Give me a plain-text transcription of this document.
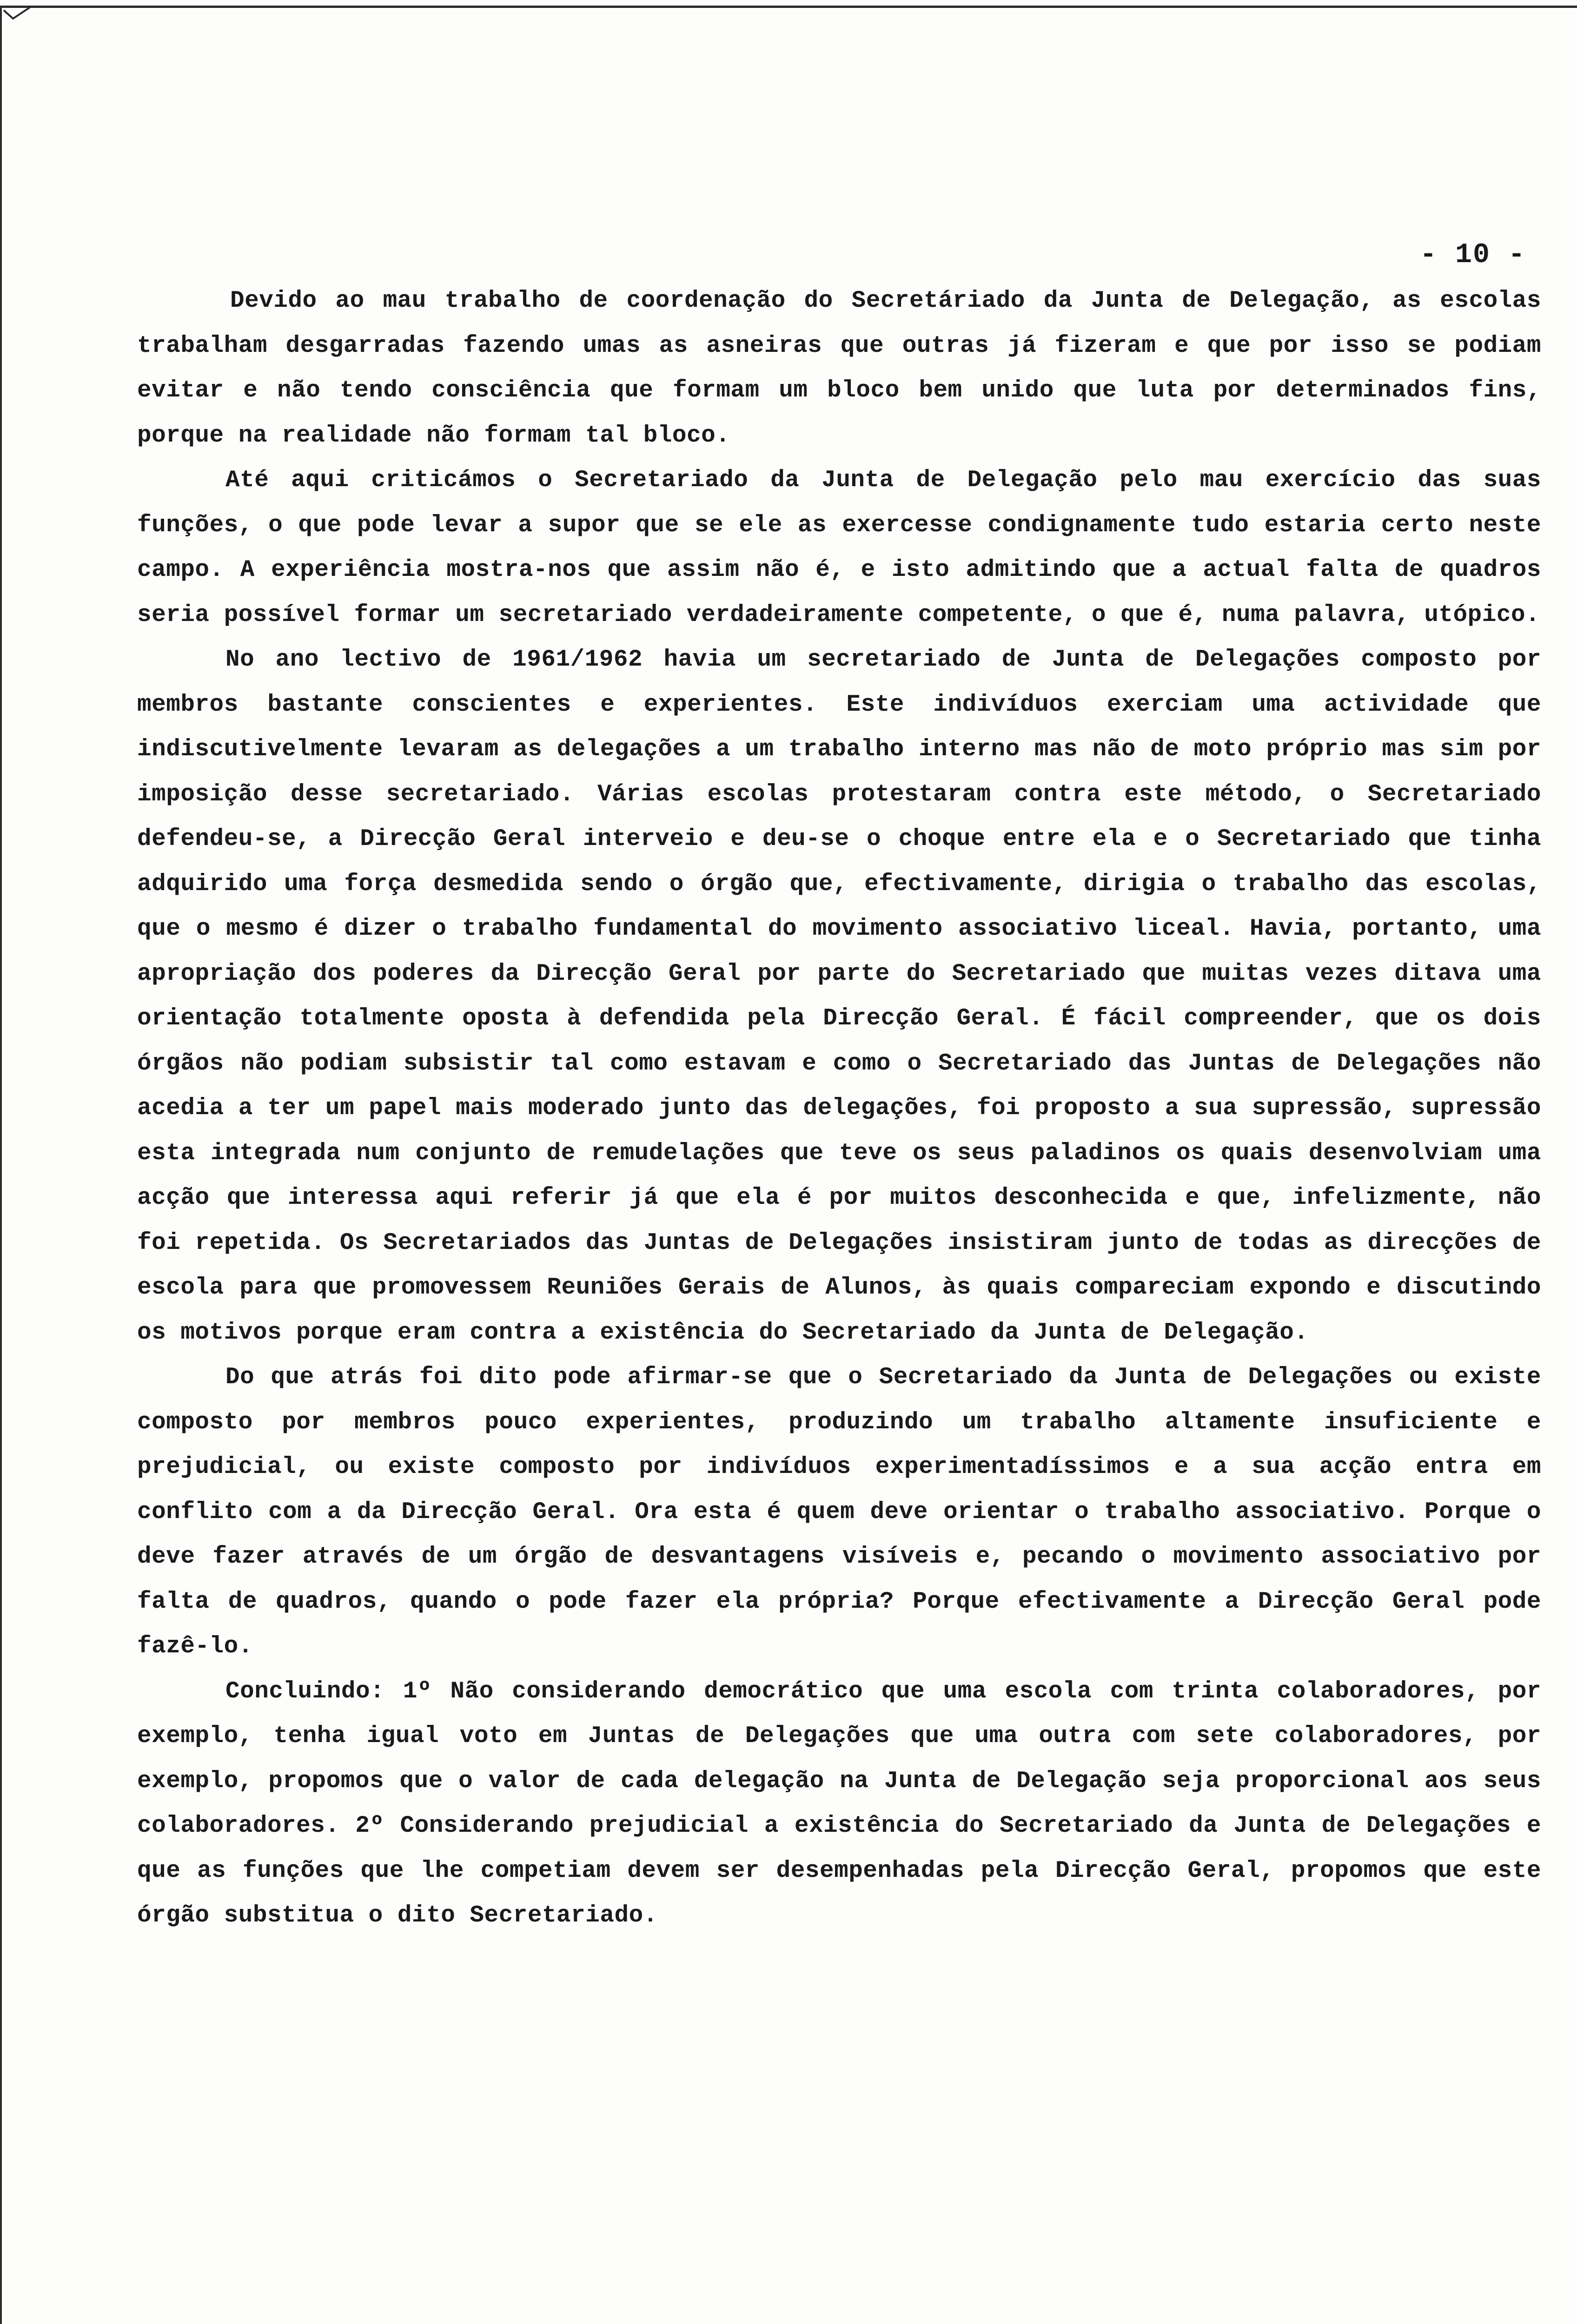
- 10 -

Devido ao mau trabalho de coordenação do Secretáriado da Junta de Delegação, as escolas trabalham desgarradas fazendo umas as asneiras que outras já fizeram e que por isso se podiam evitar e não tendo consciência que formam um bloco bem unido que luta por determinados fins, porque na realidade não formam tal bloco.

Até aqui criticámos o Secretariado da Junta de Delegação pelo mau exercício das suas funções, o que pode levar a supor que se ele as exercesse condignamente tudo estaria certo neste campo. A experiência mostra-nos que assim não é, e isto admitindo que a actual falta de quadros seria possível formar um secretariado verdadeiramente competente, o que é, numa palavra, utópico.

No ano lectivo de 1961/1962 havia um secretariado de Junta de Delegações composto por membros bastante conscientes e experientes. Este indivíduos exerciam uma actividade que indiscutivelmente levaram as delegações a um trabalho interno mas não de moto próprio mas sim por imposição desse secretariado. Várias escolas protestaram contra este método, o Secretariado defendeu-se, a Direcção Geral interveio e deu-se o choque entre ela e o Secretariado que tinha adquirido uma força desmedida sendo o órgão que, efectivamente, dirigia o trabalho das escolas, que o mesmo é dizer o trabalho fundamental do movimento associativo liceal. Havia, portanto, uma apropriação dos poderes da Direcção Geral por parte do Secretariado que muitas vezes ditava uma orientação totalmente oposta à defendida pela Direcção Geral. É fácil compreender, que os dois órgãos não podiam subsistir tal como estavam e como o Secretariado das Juntas de Delegações não acedia a ter um papel mais moderado junto das delegações, foi proposto a sua supressão, supressão esta integrada num conjunto de remudelações que teve os seus paladinos os quais desenvolviam uma acção que interessa aqui referir já que ela é por muitos desconhecida e que, infelizmente, não foi repetida. Os Secretariados das Juntas de Delegações insistiram junto de todas as direcções de escola para que promovessem Reuniões Gerais de Alunos, às quais compareciam expondo e discutindo os motivos porque eram contra a existência do Secretariado da Junta de Delegação.

Do que atrás foi dito pode afirmar-se que o Secretariado da Junta de Delegações ou existe composto por membros pouco experientes, produzindo um trabalho altamente insuficiente e prejudicial, ou existe composto por indivíduos experimentadíssimos e a sua acção entra em conflito com a da Direcção Geral. Ora esta é quem deve orientar o trabalho associativo. Porque o deve fazer através de um órgão de desvantagens visíveis e, pecando o movimento associativo por falta de quadros, quando o pode fazer ela própria? Porque efectivamente a Direcção Geral pode fazê-lo.

Concluindo: 1º Não considerando democrático que uma escola com trinta colaboradores, por exemplo, tenha igual voto em Juntas de Delegações que uma outra com sete colaboradores, por exemplo, propomos que o valor de cada delegação na Junta de Delegação seja proporcional aos seus colaboradores. 2º Considerando prejudicial a existência do Secretariado da Junta de Delegações e que as funções que lhe competiam devem ser desempenhadas pela Direcção Geral, propomos que este órgão substitua o dito Secretariado.
